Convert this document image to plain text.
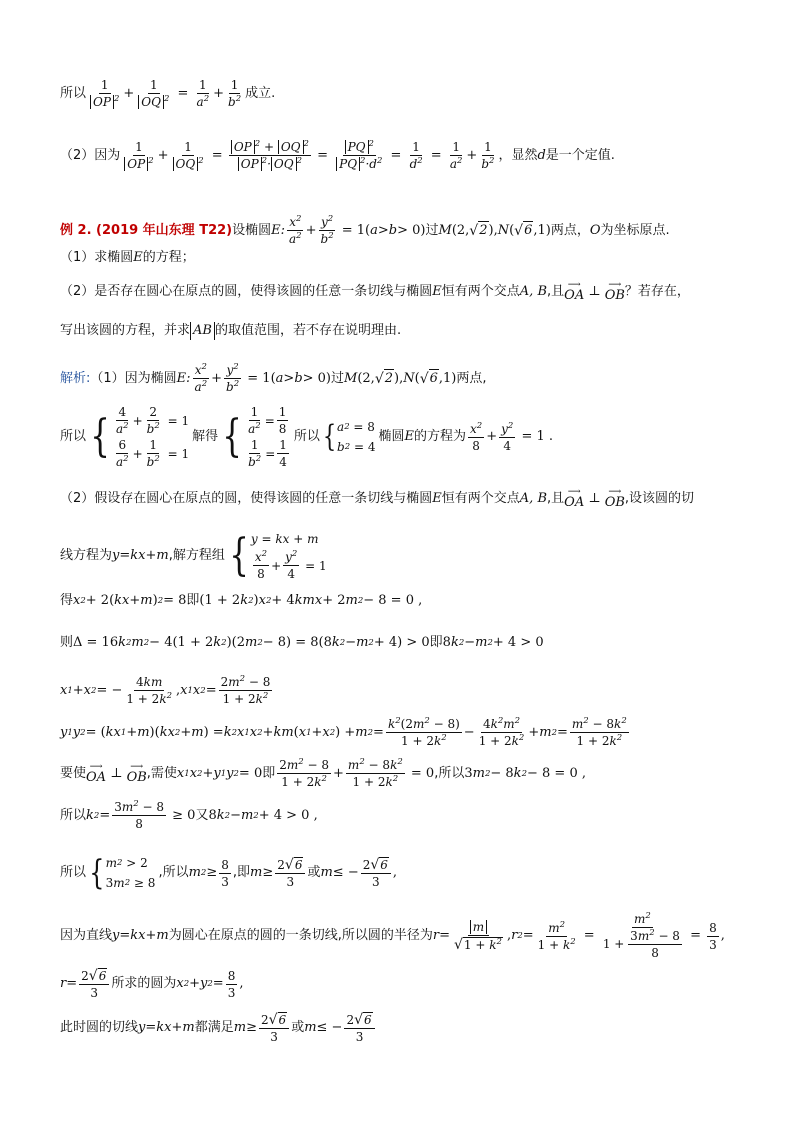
所以 $\frac{1}{OP ^2} + \frac{1}{OQ ^2} = \frac{1}{a^2} + \frac{1}{b^2}$ 成立.
（2）因为 $\frac{1}{OP ^2} + \frac{1}{OQ ^2} = \frac{OP ^2 + OQ ^2}{OP ^2\cdot OQ ^2} = \frac{PQ ^2}{PQ ^2\cdot d^2} = \frac{1}{d^2} = \frac{1}{a^2} + \frac{1}{b^2}$ ，显然 d 是一个定值.
例 2. (2019 年山东理 T22) 设椭圆 E: $\frac{x^2}{a^2} + \frac{y^2}{b^2} = 1$( a > b > 0) 过 M (2, √ 2 ), N ( √ 6 ,1) 两点， O 为坐标原点.
（1）求椭圆 E 的方程；
（2）是否存在圆心在原点的圆，使得该圆的任意一条切线与椭圆 E 恒有两个交点 A, B ,且 ⟶
OA ⊥ ⟶
OB ？若存在，
写出该圆的方程，并求 AB 的取值范围，若不存在说明理由.
解析: （1）因为椭圆 E: $\frac{x^2}{a^2} + \frac{y^2}{b^2} = 1$( a > b > 0) 过 M (2, √ 2 ), N ( √ 6 ,1) 两点,
所以 { $\frac{4}{a^2} + \frac{2}{b^2} = 1$
$\frac{6}{a^2} + \frac{1}{b^2} = 1$
解得 { $\frac{1}{a^2} = \frac{1}{8}$
$\frac{1}{b^2} = \frac{1}{4}$
所以 { a 2 = 8
b 2 = 4
椭圆 E 的方程为 $\frac{x^2}{8} + \frac{y^2}{4} = 1$ .
（2）假设存在圆心在原点的圆，使得该圆的任意一条切线与椭圆 E 恒有两个交点 A, B ,且 ⟶
OA ⊥ ⟶
OB ,设该圆的切
线方程为 y = kx + m ,解方程组 { y = kx + m
$\frac{x^2}{8} + \frac{y^2}{4} = 1$
得 x 2 + 2( kx + m ) 2 = 8 即 (1 + 2 k 2 ) x 2 + 4 kmx + 2 m 2 − 8 = 0 ,
则 Δ = 16 k 2 m 2 − 4(1 + 2 k 2 )(2 m 2 − 8) = 8(8 k 2 − m 2 + 4) > 0 即 8 k 2 − m 2 + 4 > 0
x 1 + x 2 = − $\frac{4km}{1 + 2k^2}$ , x 1 x $2 = \frac{2m^2 - 8}{1 + 2k^2}$
y 1 y 2 = ( kx 1 + m )( kx 2 + m ) = k 2 x 1 x 2 + km ( x 1 + x 2 ) + m $2 = \frac{k^2(2m^2 - 8)}{1 + 2k^2} - \frac{4k^2m^2}{1 + 2k^2} + m$ $2 = \frac{m^2 - 8k^2}{1 + 2k^2}$
要使 ⟶
OA ⊥ ⟶
OB ,需使 x 1 x 2 + y 1 y 2 = 0 即 $\frac{2m^2 - 8}{1 + 2k^2} + \frac{m^2 - 8k^2}{1 + 2k^2} = 0$ ,所以 3 m 2 − 8 k 2 − 8 = 0 ,
所以 k $2 = \frac{3m^2 - 8}{8} \ge 0$ 又 8 k 2 − m 2 + 4 > 0 ,
所以 { m 2 > 2
3 m 2 ≥ 8
,所以 m $2 \ge \frac{8}{3}$ ,即 $m \ge \frac{2 √ 6}{3}$ 或 m ≤ − $\frac{2 √ 6}{3}$ ,
因为直线 y = kx + m 为圆心在原点的圆的一条切线,所以圆的半径为 $r = \frac{m}{√ 1 + k^2}$ , r $2 = \frac{m^2}{1 + k^2} = \frac{m^2}{1 + \frac{3m^2 - 8}{8}} = \frac{8}{3}$ ,
$r = \frac{2 √ 6}{3}$ 所求的圆为 x 2 + y $2 = \frac{8}{3}$ ,
此时圆的切线 y = kx + m 都满足 $m \ge \frac{2 √ 6}{3}$ 或 m ≤ − $\frac{2 √ 6}{3}$
